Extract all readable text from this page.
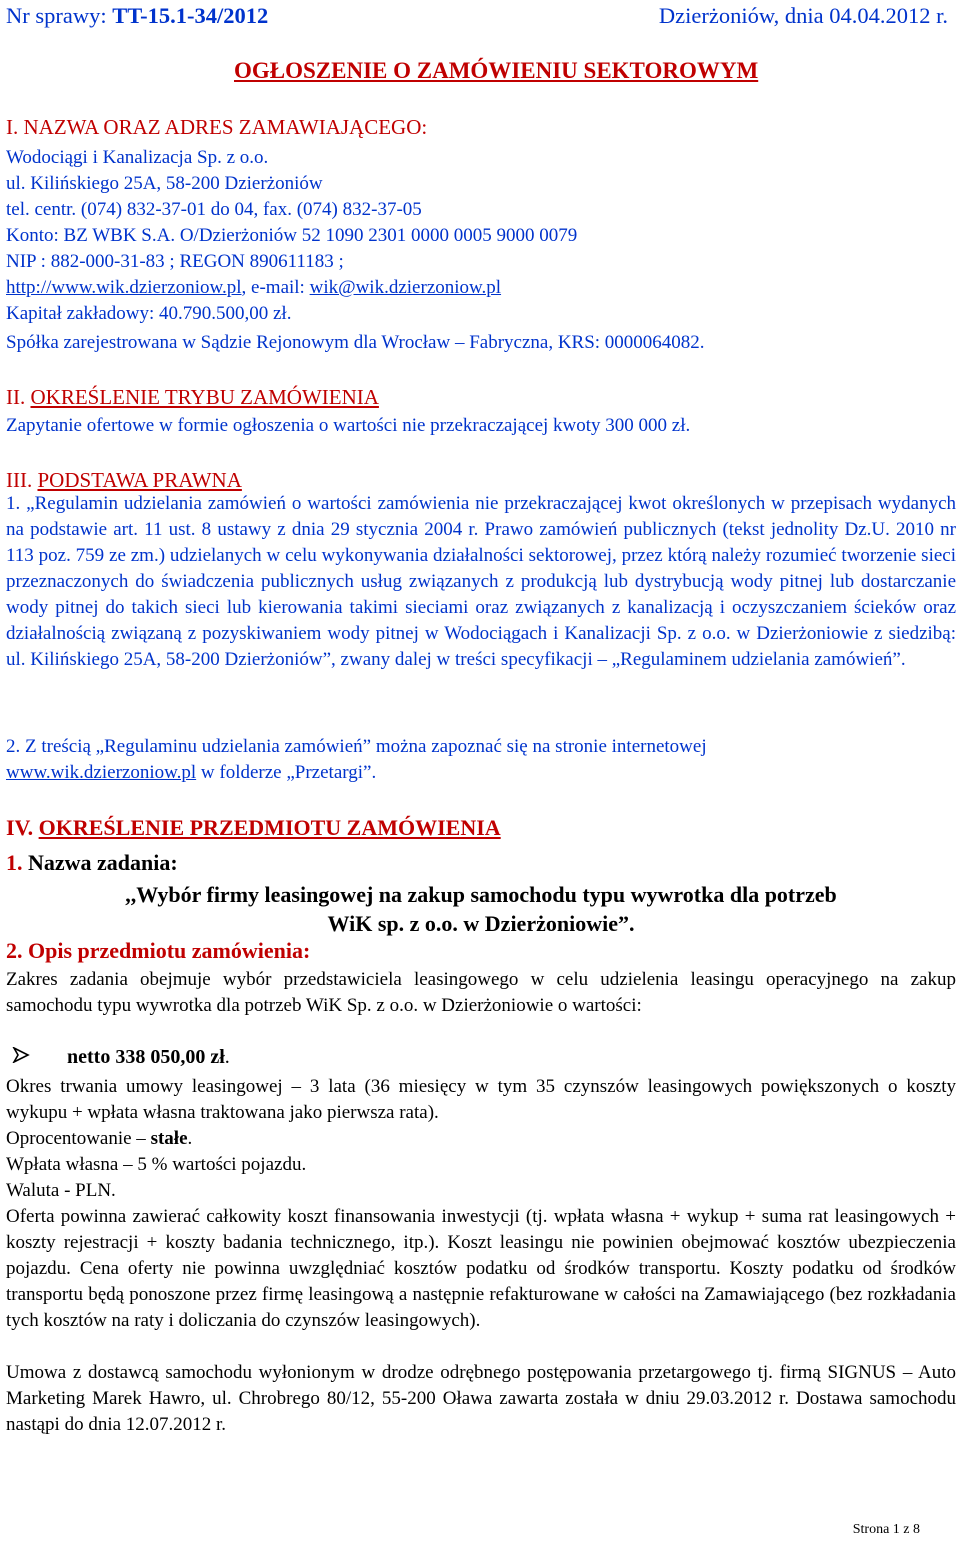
Nr sprawy: TT-15.1-34/2012	Dzierżoniów, dnia 04.04.2012 r.
OGŁOSZENIE O ZAMÓWIENIU SEKTOROWYM
I. NAZWA ORAZ ADRES ZAMAWIAJĄCEGO:
Wodociągi i Kanalizacja Sp. z o.o.
ul. Kilińskiego 25A, 58-200 Dzierżoniów
tel. centr. (074) 832-37-01 do 04, fax. (074) 832-37-05
Konto: BZ WBK S.A. O/Dzierżoniów 52 1090 2301 0000 0005 9000 0079
NIP : 882-000-31-83 ; REGON 890611183 ;
http://www.wik.dzierzoniow.pl, e-mail: wik@wik.dzierzoniow.pl
Kapitał zakładowy: 40.790.500,00 zł.
Spółka zarejestrowana w Sądzie Rejonowym dla Wrocław – Fabryczna, KRS: 0000064082.
II. OKREŚLENIE TRYBU ZAMÓWIENIA
Zapytanie ofertowe w formie ogłoszenia o wartości nie przekraczającej kwoty 300 000 zł.
III. PODSTAWA PRAWNA
1. „Regulamin udzielania zamówień o wartości zamówienia nie przekraczającej kwot określonych w przepisach wydanych na podstawie art. 11 ust. 8 ustawy z dnia 29 stycznia 2004 r. Prawo zamówień publicznych (tekst jednolity Dz.U. 2010 nr 113 poz. 759 ze zm.) udzielanych w celu wykonywania działalności sektorowej, przez którą należy rozumieć tworzenie sieci przeznaczonych do świadczenia publicznych usług związanych z produkcją lub dystrybucją wody pitnej lub dostarczanie wody pitnej do takich sieci lub kierowania takimi sieciami oraz związanych z kanalizacją i oczyszczaniem ścieków oraz działalnością związaną z pozyskiwaniem wody pitnej w Wodociągach i Kanalizacji Sp. z o.o. w Dzierżoniowie z siedzibą: ul. Kilińskiego 25A, 58-200 Dzierżoniów”, zwany dalej w treści specyfikacji – „Regulaminem udzielania zamówień”.
2. Z treścią „Regulaminu udzielania zamówień” można zapoznać się na stronie internetowej
www.wik.dzierzoniow.pl w folderze „Przetargi”.
IV. OKREŚLENIE PRZEDMIOTU ZAMÓWIENIA
1. Nazwa zadania:
,,Wybór firmy leasingowej na zakup samochodu typu wywrotka dla potrzeb
WiK sp. z o.o. w Dzierżoniowie”.
2. Opis przedmiotu zamówienia:
Zakres zadania obejmuje wybór przedstawiciela leasingowego w celu udzielenia leasingu operacyjnego na zakup samochodu typu wywrotka dla potrzeb WiK Sp. z o.o. w Dzierżoniowie o wartości:
netto 338 050,00 zł.
Okres trwania umowy leasingowej – 3 lata (36 miesięcy w tym 35 czynszów leasingowych powiększonych o koszty wykupu + wpłata własna traktowana jako pierwsza rata).
Oprocentowanie – stałe.
Wpłata własna – 5 % wartości pojazdu.
Waluta - PLN.
Oferta powinna zawierać całkowity koszt finansowania inwestycji (tj. wpłata własna + wykup + suma rat leasingowych + koszty rejestracji + koszty badania technicznego, itp.). Koszt leasingu nie powinien obejmować kosztów ubezpieczenia pojazdu. Cena oferty nie powinna uwzględniać kosztów podatku od środków transportu. Koszty podatku od środków transportu będą ponoszone przez firmę leasingową a następnie refakturowane w całości na Zamawiającego (bez rozkładania tych kosztów na raty i doliczania do czynszów leasingowych).
Umowa z dostawcą samochodu wyłonionym w drodze odrębnego postępowania przetargowego tj. firmą SIGNUS – Auto Marketing Marek Hawro, ul. Chrobrego 80/12, 55-200 Oława zawarta została w dniu 29.03.2012 r. Dostawa samochodu nastąpi do dnia 12.07.2012 r.
Strona 1 z 8
